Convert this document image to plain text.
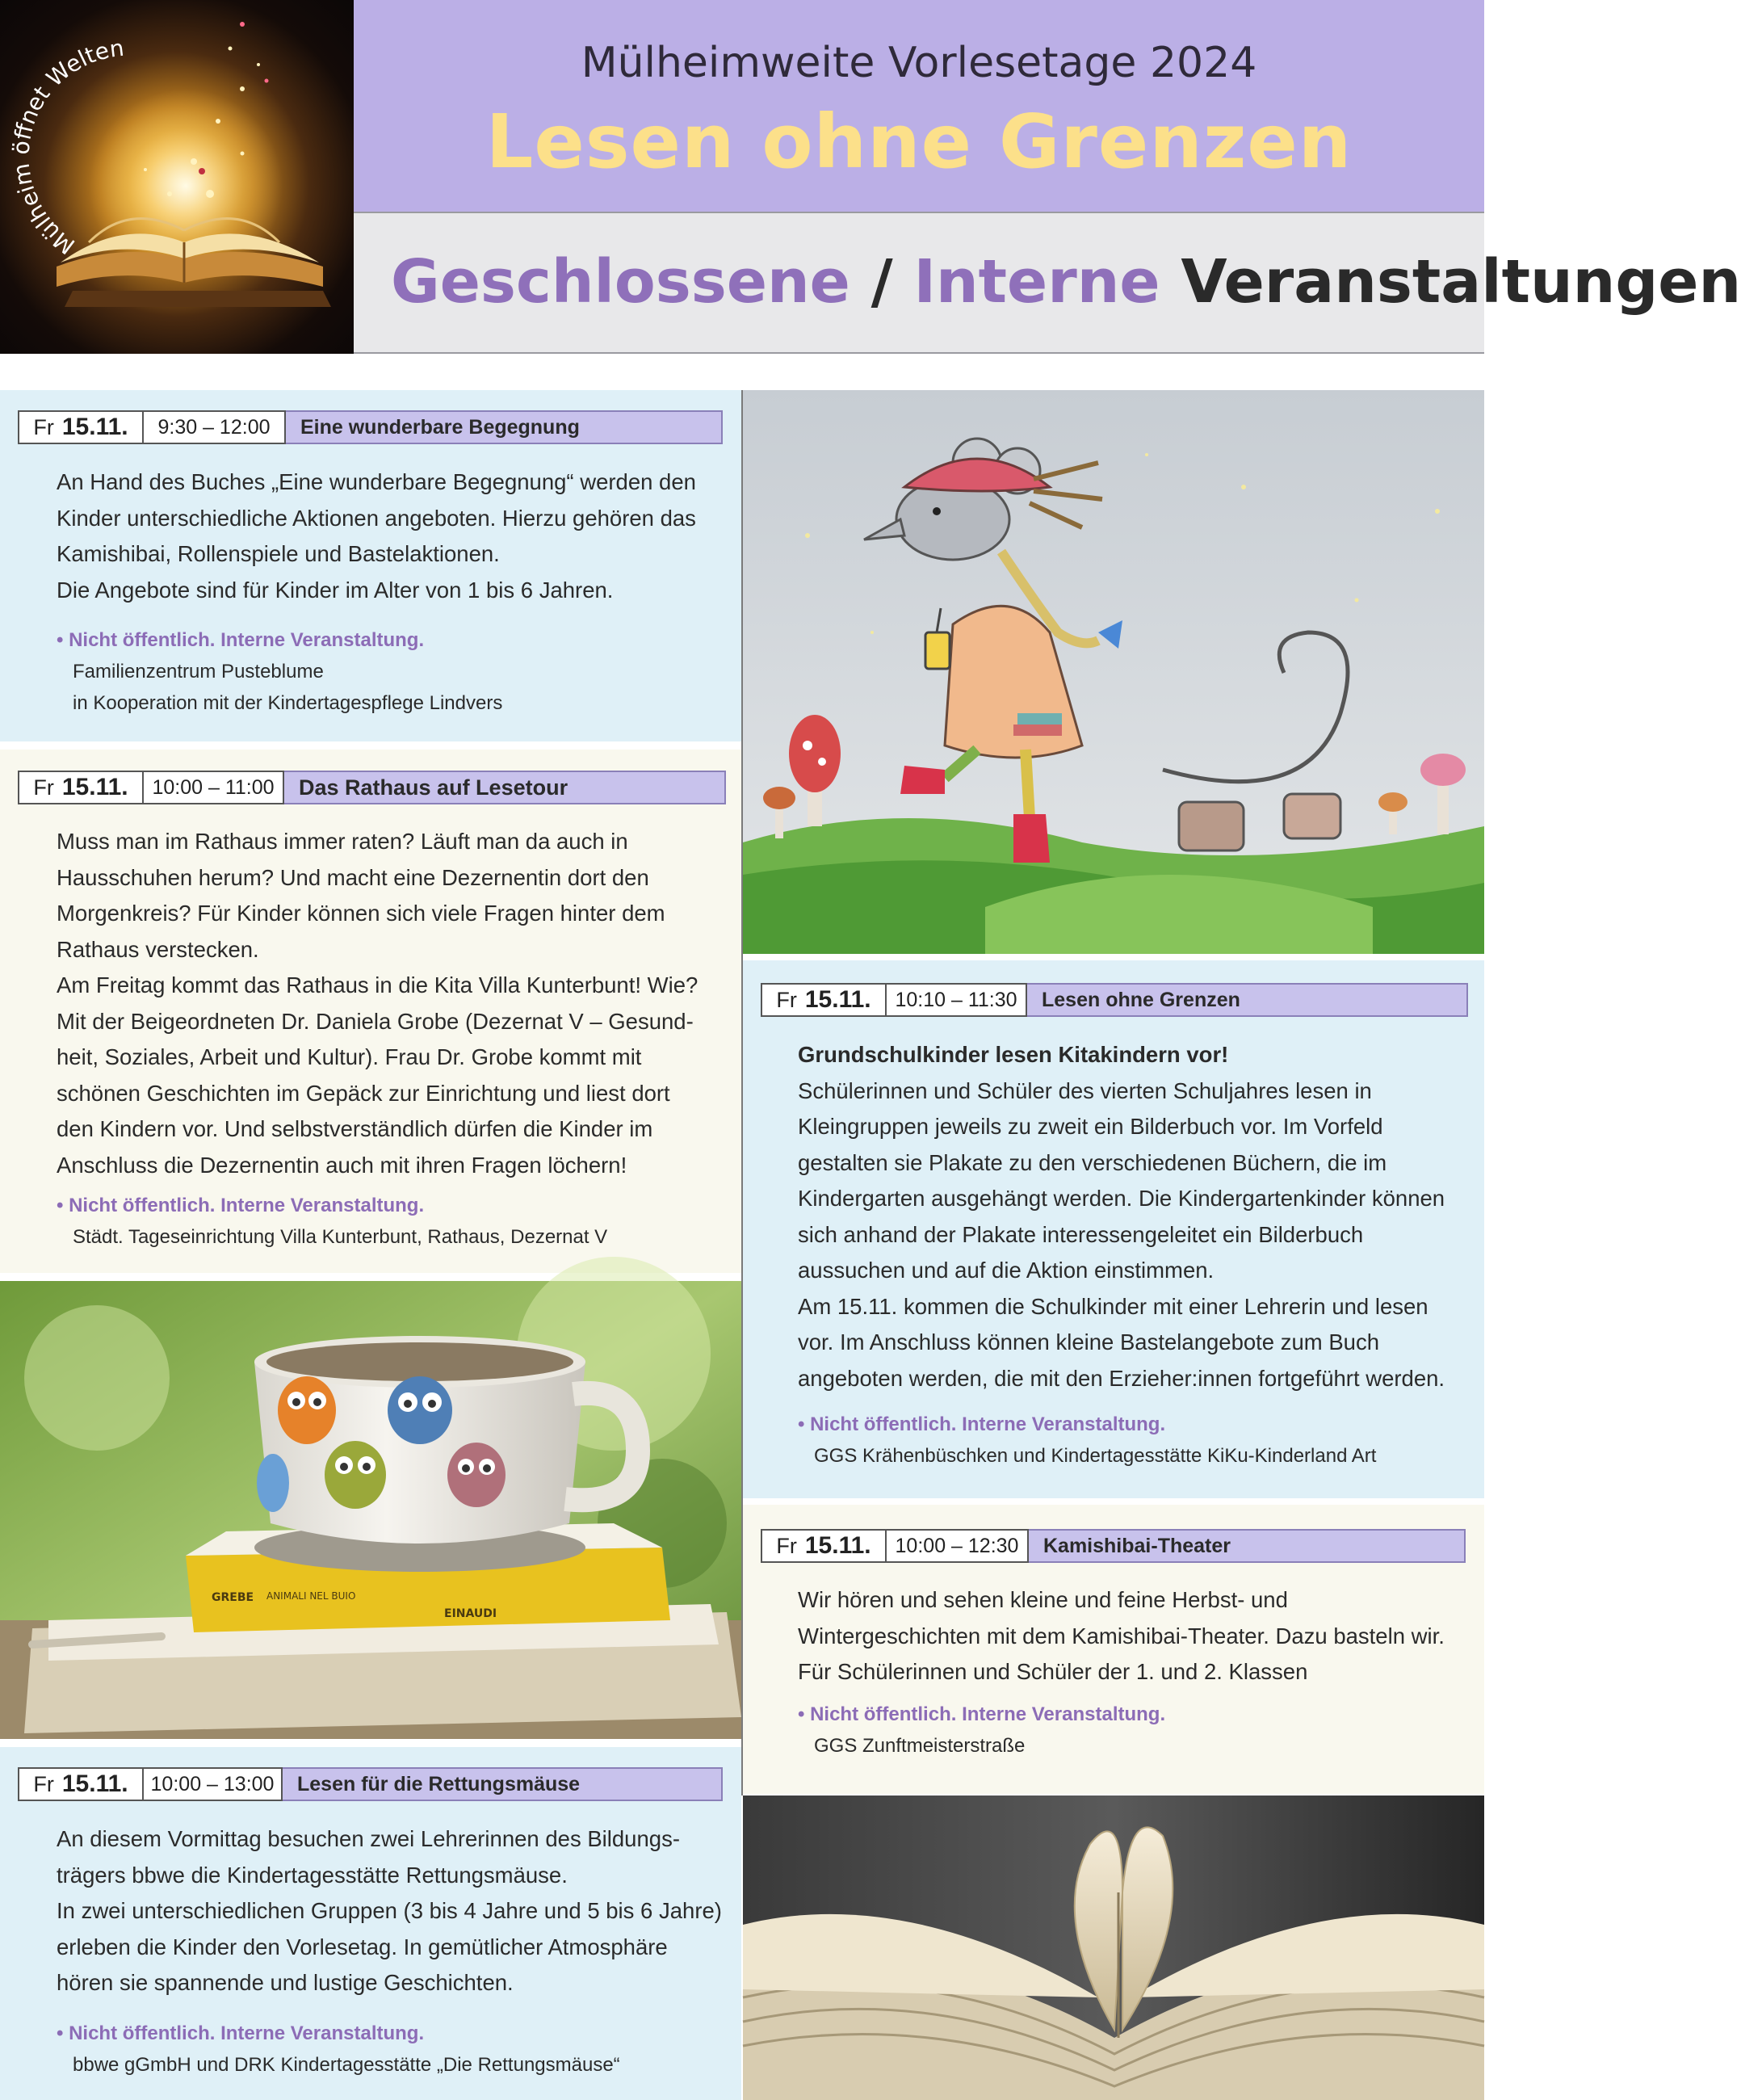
Mülheim öffnet Welten	Mülheimweite Vorlesetage 2024
Lesen ohne Grenzen
Geschlossene / Interne Veranstaltungen
Fr 15.11.	9:30 – 12:00	Eine wunderbare Begegnung
An Hand des Buches „Eine wunderbare Begegnung“ werden den
Kinder unterschiedliche Aktionen angeboten. Hierzu gehören das
Kamishibai, Rollenspiele und Bastelaktionen.
Die Angebote sind für Kinder im Alter von 1 bis 6 Jahren.
• Nicht öffentlich. Interne Veranstaltung.
Familienzentrum Pusteblume
in Kooperation mit der Kindertagespflege Lindvers
Fr 15.11.	10:00 – 11:00	Das Rathaus auf Lesetour
Muss man im Rathaus immer raten? Läuft man da auch in
Hausschuhen herum? Und macht eine Dezernentin dort den
Morgenkreis? Für Kinder können sich viele Fragen hinter dem
Rathaus verstecken.
Am Freitag kommt das Rathaus in die Kita Villa Kunterbunt! Wie?
Mit der Beigeordneten Dr. Daniela Grobe (Dezernat V – Gesund-
heit, Soziales, Arbeit und Kultur). Frau Dr. Grobe kommt mit
schönen Geschichten im Gepäck zur Einrichtung und liest dort
den Kindern vor. Und selbstverständlich dürfen die Kinder im
Anschluss die Dezernentin auch mit ihren Fragen löchern!
• Nicht öffentlich. Interne Veranstaltung.
Städt. Tageseinrichtung Villa Kunterbunt, Rathaus, Dezernat V
GREBE ANIMALI NEL BUIO
EINAUDI
Fr 15.11.	10:00 – 13:00	Lesen für die Rettungsmäuse
An diesem Vormittag besuchen zwei Lehrerinnen des Bildungs-
trägers bbwe die Kindertagesstätte Rettungsmäuse.
In zwei unterschiedlichen Gruppen (3 bis 4 Jahre und 5 bis 6 Jahre)
erleben die Kinder den Vorlesetag. In gemütlicher Atmosphäre
hören sie spannende und lustige Geschichten.
• Nicht öffentlich. Interne Veranstaltung.
bbwe gGmbH und DRK Kindertagesstätte „Die Rettungsmäuse“
Fr 15.11.	10:10 – 11:30	Lesen ohne Grenzen
Grundschulkinder lesen Kitakindern vor!
Schülerinnen und Schüler des vierten Schuljahres lesen in
Kleingruppen jeweils zu zweit ein Bilderbuch vor. Im Vorfeld
gestalten sie Plakate zu den verschiedenen Büchern, die im
Kindergarten ausgehängt werden. Die Kindergartenkinder können
sich anhand der Plakate interessengeleitet ein Bilderbuch
aussuchen und auf die Aktion einstimmen.
Am 15.11. kommen die Schulkinder mit einer Lehrerin und lesen
vor. Im Anschluss können kleine Bastelangebote zum Buch
angeboten werden, die mit den Erzieher:innen fortgeführt werden.
• Nicht öffentlich. Interne Veranstaltung.
GGS Krähenbüschken und Kindertagesstätte KiKu-Kinderland Art
Fr 15.11.	10:00 – 12:30	Kamishibai-Theater
Wir hören und sehen kleine und feine Herbst- und
Wintergeschichten mit dem Kamishibai-Theater. Dazu basteln wir.
Für Schülerinnen und Schüler der 1. und 2. Klassen
• Nicht öffentlich. Interne Veranstaltung.
GGS Zunftmeisterstraße
